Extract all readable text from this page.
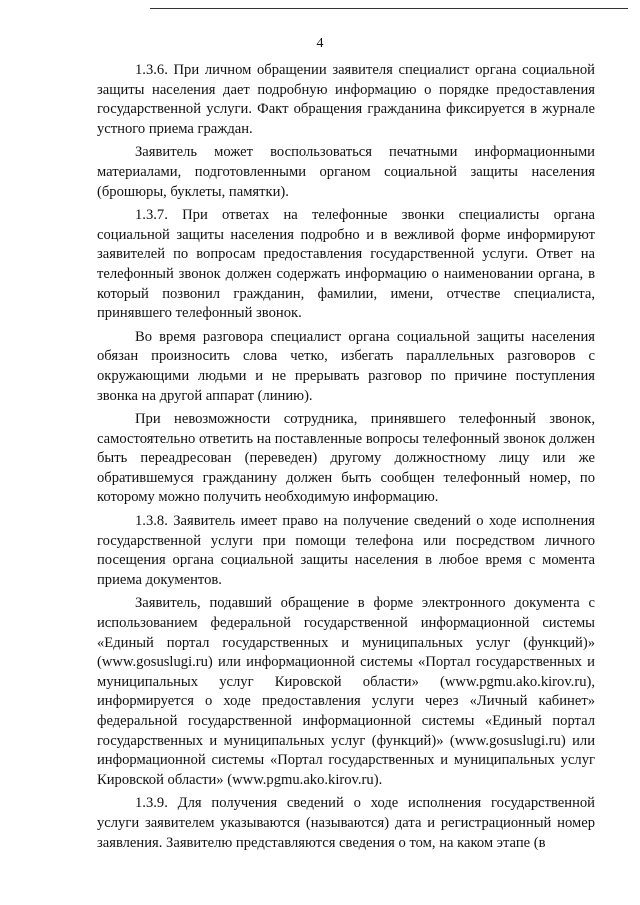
4

1.3.6. При личном обращении заявителя специалист органа социальной защиты населения дает подробную информацию о порядке предоставления государственной услуги. Факт обращения гражданина фиксируется в журнале устного приема граждан.

Заявитель может воспользоваться печатными информационными материалами, подготовленными органом социальной защиты населения (брошюры, буклеты, памятки).

1.3.7. При ответах на телефонные звонки специалисты органа социальной защиты населения подробно и в вежливой форме информируют заявителей по вопросам предоставления государственной услуги. Ответ на телефонный звонок должен содержать информацию о наименовании органа, в который позвонил гражданин, фамилии, имени, отчестве специалиста, принявшего телефонный звонок.

Во время разговора специалист органа социальной защиты населения обязан произносить слова четко, избегать параллельных разговоров с окружающими людьми и не прерывать разговор по причине поступления звонка на другой аппарат (линию).

При невозможности сотрудника, принявшего телефонный звонок, самостоятельно ответить на поставленные вопросы телефонный звонок должен быть переадресован (переведен) другому должностному лицу или же обратившемуся гражданину должен быть сообщен телефонный номер, по которому можно получить необходимую информацию.

1.3.8. Заявитель имеет право на получение сведений о ходе исполнения государственной услуги при помощи телефона или посредством личного посещения органа социальной защиты населения в любое время с момента приема документов.

Заявитель, подавший обращение в форме электронного документа с использованием федеральной государственной информационной системы «Единый портал государственных и муниципальных услуг (функций)» (www.gosuslugi.ru) или информационной системы «Портал государственных и муниципальных услуг Кировской области» (www.pgmu.ako.kirov.ru), информируется о ходе предоставления услуги через «Личный кабинет» федеральной государственной информационной системы «Единый портал государственных и муниципальных услуг (функций)» (www.gosuslugi.ru) или информационной системы «Портал государственных и муниципальных услуг Кировской области» (www.pgmu.ako.kirov.ru).

1.3.9. Для получения сведений о ходе исполнения государственной услуги заявителем указываются (называются) дата и регистрационный номер заявления. Заявителю представляются сведения о том, на каком этапе (в
